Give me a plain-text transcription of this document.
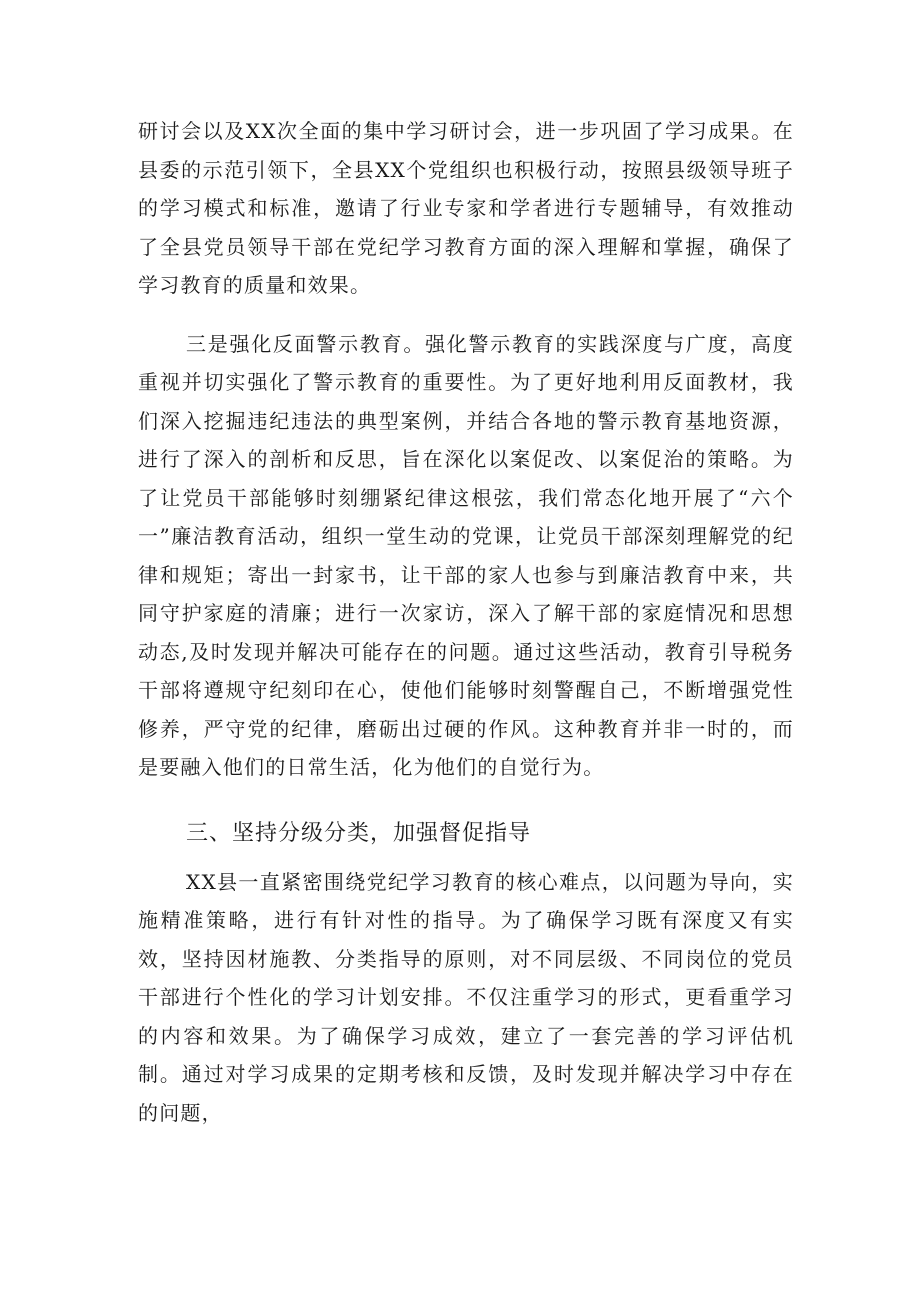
研讨会以及XX次全面的集中学习研讨会，进一步巩固了学习成果。在县委的示范引领下，全县XX个党组织也积极行动，按照县级领导班子的学习模式和标准，邀请了行业专家和学者进行专题辅导，有效推动了全县党员领导干部在党纪学习教育方面的深入理解和掌握，确保了学习教育的质量和效果。

三是强化反面警示教育。强化警示教育的实践深度与广度，高度重视并切实强化了警示教育的重要性。为了更好地利用反面教材，我们深入挖掘违纪违法的典型案例，并结合各地的警示教育基地资源，进行了深入的剖析和反思，旨在深化以案促改、以案促治的策略。为了让党员干部能够时刻绷紧纪律这根弦，我们常态化地开展了“六个一”廉洁教育活动，组织一堂生动的党课，让党员干部深刻理解党的纪律和规矩；寄出一封家书，让干部的家人也参与到廉洁教育中来，共同守护家庭的清廉；进行一次家访，深入了解干部的家庭情况和思想动态,及时发现并解决可能存在的问题。通过这些活动，教育引导税务干部将遵规守纪刻印在心，使他们能够时刻警醒自己，不断增强党性修养，严守党的纪律，磨砺出过硬的作风。这种教育并非一时的，而是要融入他们的日常生活，化为他们的自觉行为。

三、坚持分级分类，加强督促指导

XX县一直紧密围绕党纪学习教育的核心难点，以问题为导向，实施精准策略，进行有针对性的指导。为了确保学习既有深度又有实效，坚持因材施教、分类指导的原则，对不同层级、不同岗位的党员干部进行个性化的学习计划安排。不仅注重学习的形式，更看重学习的内容和效果。为了确保学习成效，建立了一套完善的学习评估机制。通过对学习成果的定期考核和反馈，及时发现并解决学习中存在的问题，
